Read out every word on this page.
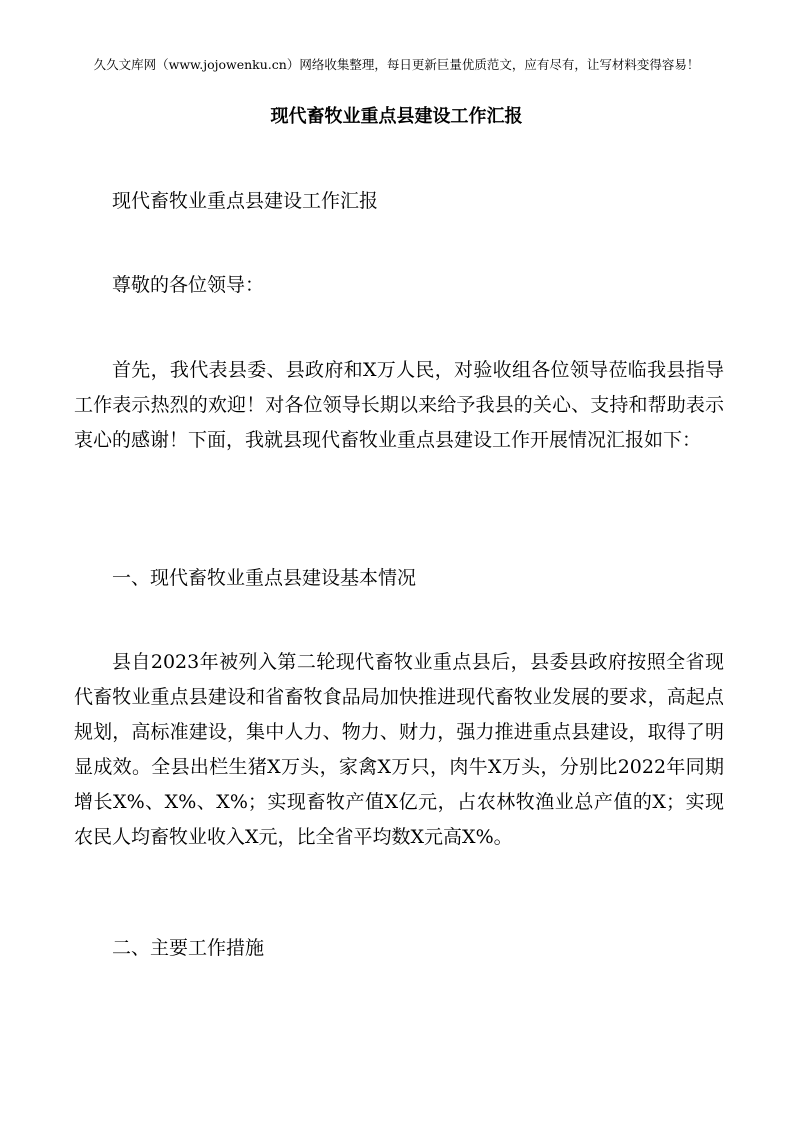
久久文库网（www.jojowenku.cn）网络收集整理，每日更新巨量优质范文，应有尽有，让写材料变得容易！
现代畜牧业重点县建设工作汇报

现代畜牧业重点县建设工作汇报

尊敬的各位领导：

首先，我代表县委、县政府和X万人民，对验收组各位领导莅临我县指导工作表示热烈的欢迎！对各位领导长期以来给予我县的关心、支持和帮助表示衷心的感谢！下面，我就县现代畜牧业重点县建设工作开展情况汇报如下：

一、现代畜牧业重点县建设基本情况

县自2023年被列入第二轮现代畜牧业重点县后，县委县政府按照全省现代畜牧业重点县建设和省畜牧食品局加快推进现代畜牧业发展的要求，高起点规划，高标准建设，集中人力、物力、财力，强力推进重点县建设，取得了明显成效。全县出栏生猪X万头，家禽X万只，肉牛X万头，分别比2022年同期增长X%、X%、X%；实现畜牧产值X亿元，占农林牧渔业总产值的X；实现农民人均畜牧业收入X元，比全省平均数X元高X%。

二、主要工作措施
